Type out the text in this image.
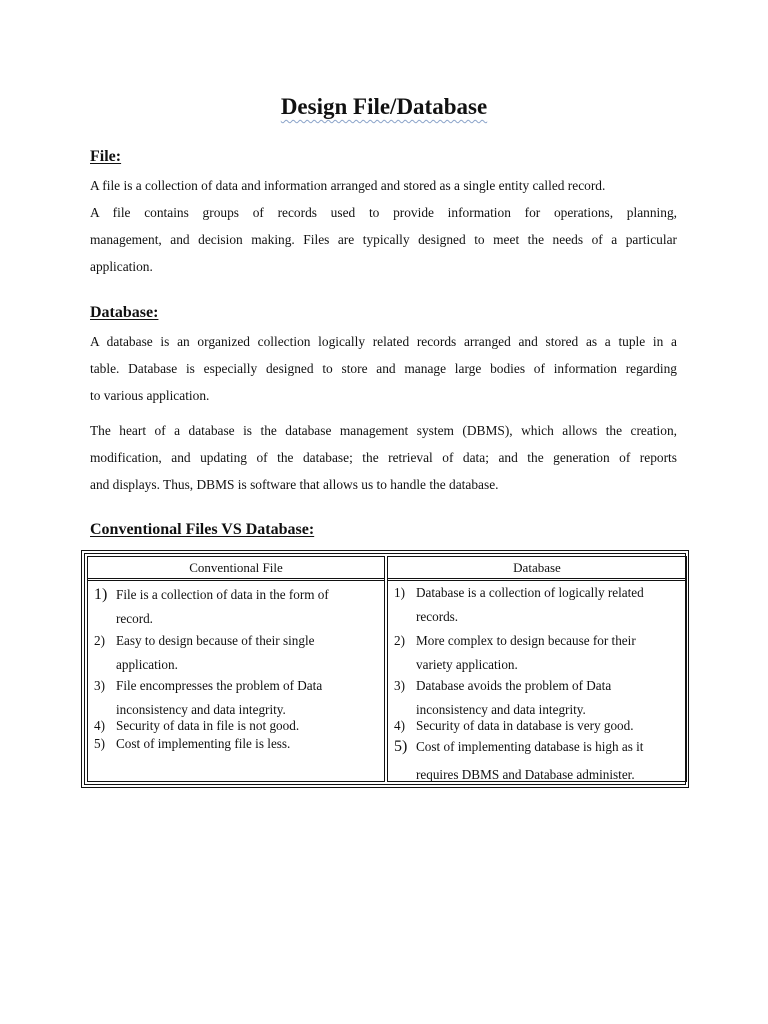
Design File/Database
File:
A file is a collection of data and information arranged and stored as a single entity called record.
A file contains groups of records used to provide information for operations, planning,
management, and decision making. Files are typically designed to meet the needs of a particular
application.
Database:
A database is an organized collection logically related records arranged and stored as a tuple in a
table. Database is especially designed to store and manage large bodies of information regarding
to various application.
The heart of a database is the database management system (DBMS), which allows the creation,
modification, and updating of the database; the retrieval of data; and the generation of reports
and displays. Thus, DBMS is software that allows us to handle the database.
Conventional Files VS Database:
Conventional File
1) File is a collection of data in the form of
record.
2) Easy to design because of their single
application.
3) File encompresses the problem of Data
inconsistency and data integrity.
4) Security of data in file is not good.
5) Cost of implementing file is less.
Database
1) Database is a collection of logically related
records.
2) More complex to design because for their
variety application.
3) Database avoids the problem of Data
inconsistency and data integrity.
4) Security of data in database is very good.
5) Cost of implementing database is high as it
requires DBMS and Database administer.
